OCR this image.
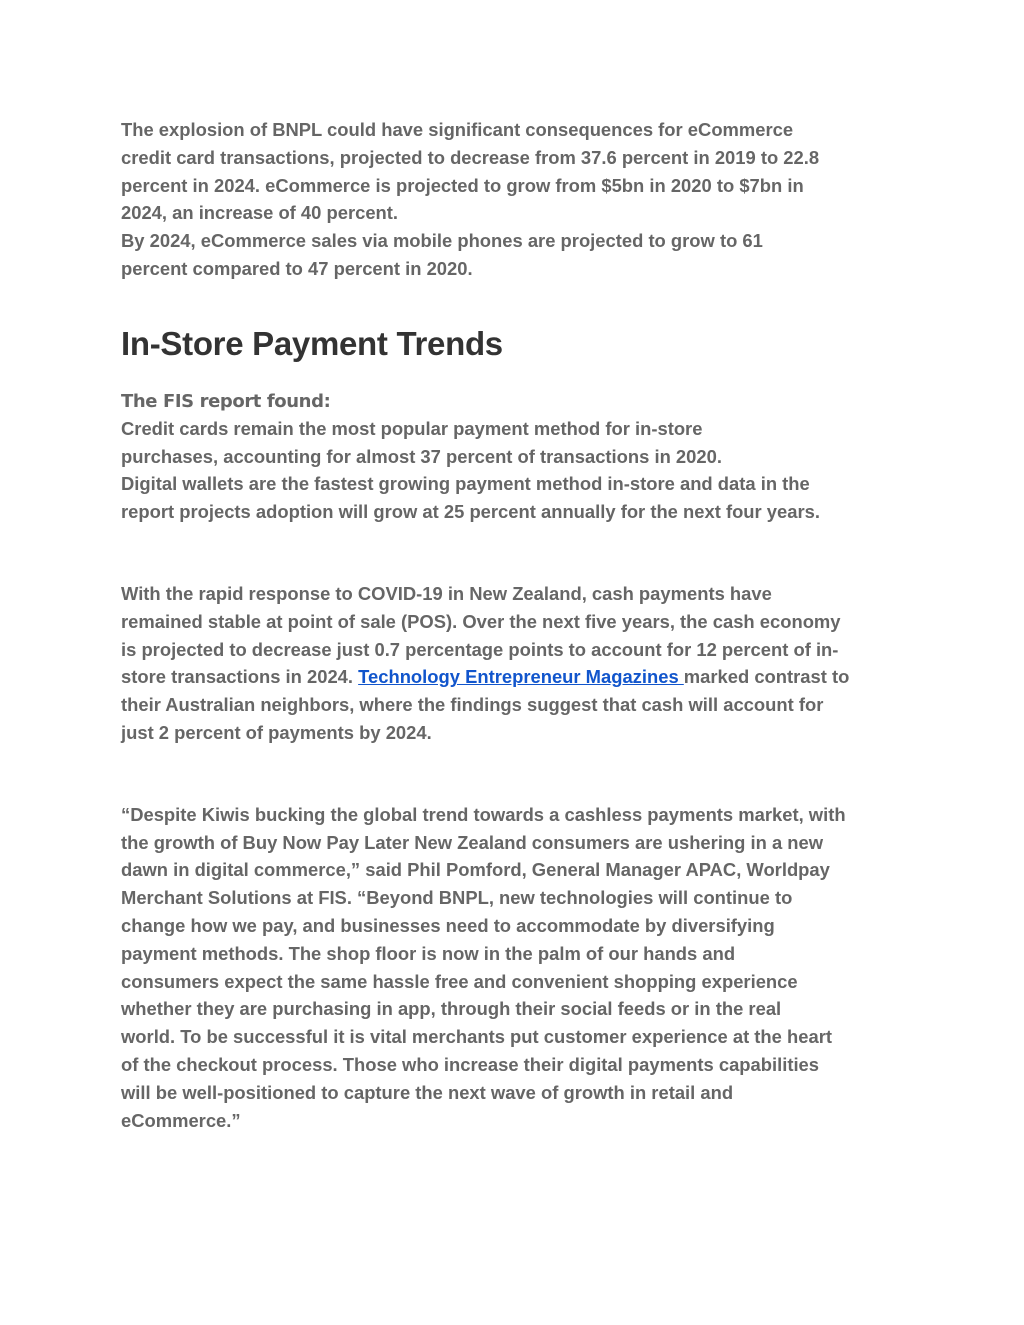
The explosion of BNPL could have significant consequences for eCommerce
credit card transactions, projected to decrease from 37.6 percent in 2019 to 22.8
percent in 2024. eCommerce is projected to grow from $5bn in 2020 to $7bn in
2024, an increase of 40 percent.
By 2024, eCommerce sales via mobile phones are projected to grow to 61
percent compared to 47 percent in 2020.

In-Store Payment Trends

The FIS report found:

Credit cards remain the most popular payment method for in-store
purchases, accounting for almost 37 percent of transactions in 2020.
Digital wallets are the fastest growing payment method in-store and data in the
report projects adoption will grow at 25 percent annually for the next four years.

With the rapid response to COVID-19 in New Zealand, cash payments have
remained stable at point of sale (POS). Over the next five years, the cash economy
is projected to decrease just 0.7 percentage points to account for 12 percent of in-
store transactions in 2024. Technology Entrepreneur Magazines marked contrast to
their Australian neighbors, where the findings suggest that cash will account for
just 2 percent of payments by 2024.

“Despite Kiwis bucking the global trend towards a cashless payments market, with
the growth of Buy Now Pay Later New Zealand consumers are ushering in a new
dawn in digital commerce,” said Phil Pomford, General Manager APAC, Worldpay
Merchant Solutions at FIS. “Beyond BNPL, new technologies will continue to
change how we pay, and businesses need to accommodate by diversifying
payment methods. The shop floor is now in the palm of our hands and
consumers expect the same hassle free and convenient shopping experience
whether they are purchasing in app, through their social feeds or in the real
world. To be successful it is vital merchants put customer experience at the heart
of the checkout process. Those who increase their digital payments capabilities
will be well-positioned to capture the next wave of growth in retail and
eCommerce.”
